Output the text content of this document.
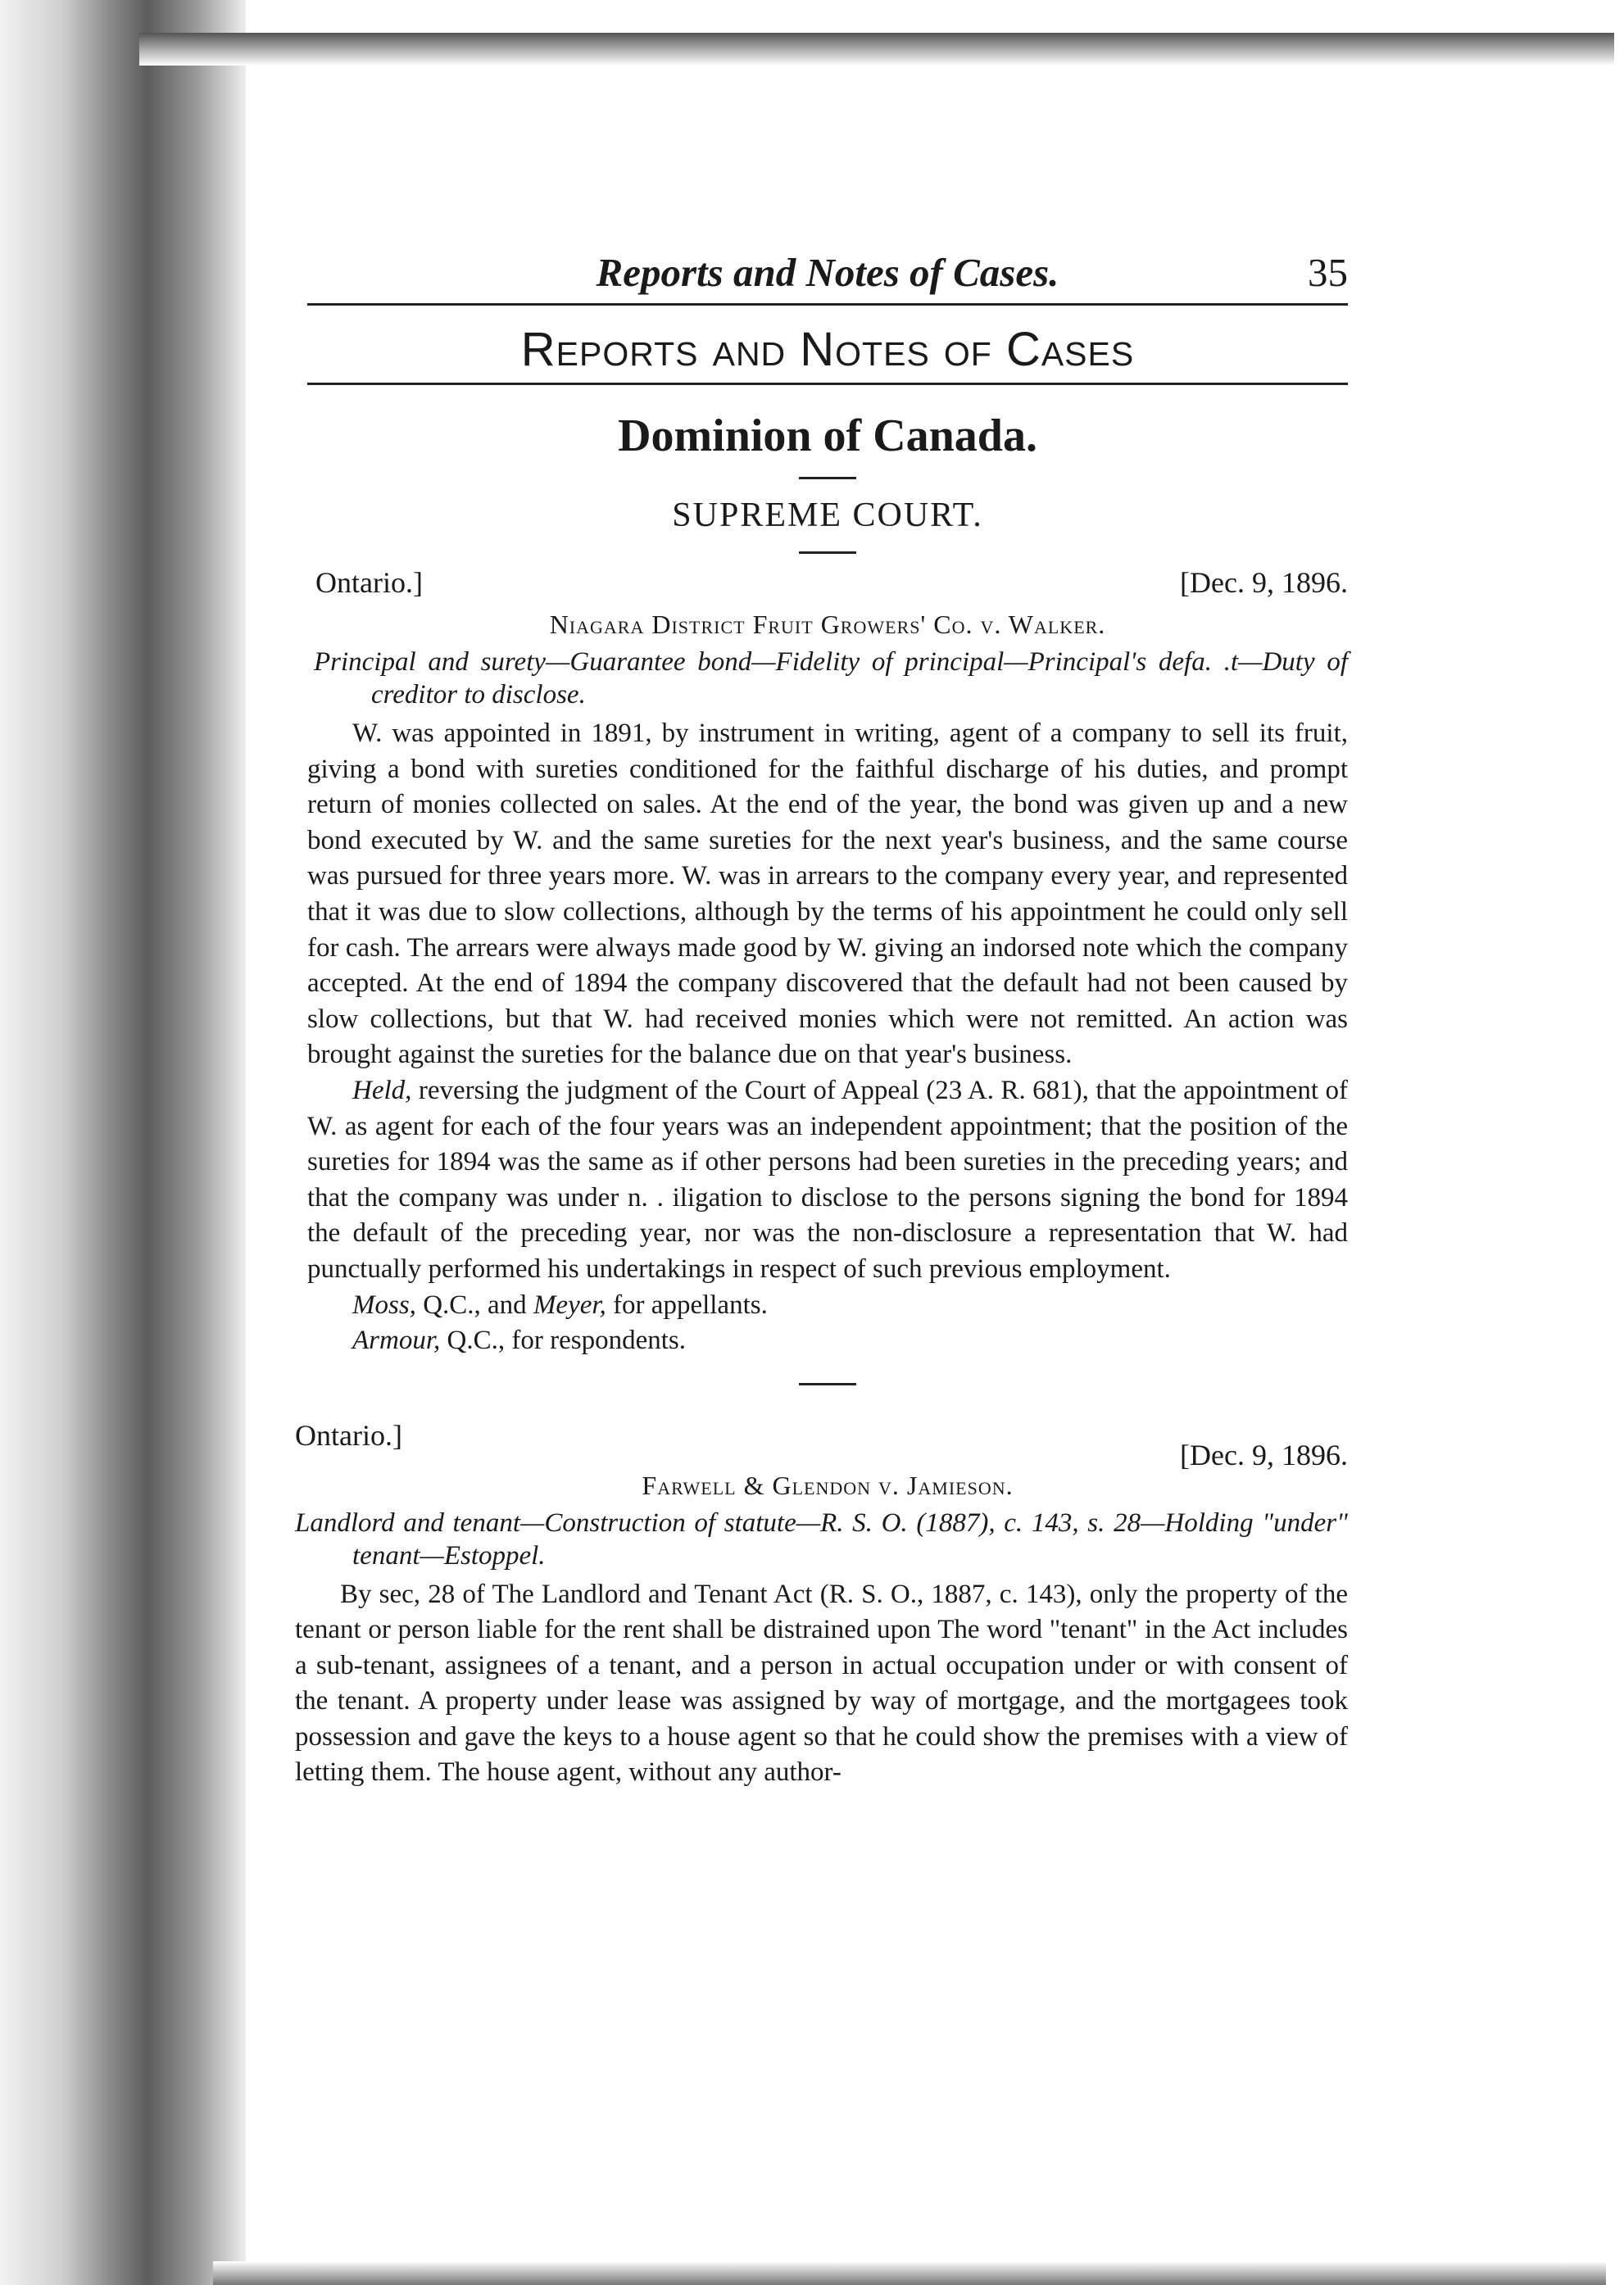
Reports and Notes of Cases.	35
Reports and Notes of Cases
Dominion of Canada.
SUPREME COURT.
Ontario.]	[Dec. 9, 1896.
Niagara District Fruit Growers' Co. v. Walker.
Principal and surety—Guarantee bond—Fidelity of principal—Principal's defa. .t—Duty of creditor to disclose.

W. was appointed in 1891, by instrument in writing, agent of a company to sell its fruit, giving a bond with sureties conditioned for the faithful discharge of his duties, and prompt return of monies collected on sales. At the end of the year, the bond was given up and a new bond executed by W. and the same sureties for the next year's business, and the same course was pursued for three years more. W. was in arrears to the company every year, and represented that it was due to slow collections, although by the terms of his appointment he could only sell for cash. The arrears were always made good by W. giving an indorsed note which the company accepted. At the end of 1894 the company discovered that the default had not been caused by slow collections, but that W. had received monies which were not remitted. An action was brought against the sureties for the balance due on that year's business.

Held, reversing the judgment of the Court of Appeal (23 A. R. 681), that the appointment of W. as agent for each of the four years was an independent appointment; that the position of the sureties for 1894 was the same as if other persons had been sureties in the preceding years; and that the company was under n. . iligation to disclose to the persons signing the bond for 1894 the default of the preceding year, nor was the non-disclosure a representation that W. had punctually performed his undertakings in respect of such previous employment.

Moss, Q.C., and Meyer, for appellants.

Armour, Q.C., for respondents.

Ontario.]
[Dec. 9, 1896.
Farwell & Glendon v. Jamieson.
Landlord and tenant—Construction of statute—R. S. O. (1887), c. 143, s. 28—Holding "under" tenant—Estoppel.

By sec, 28 of The Landlord and Tenant Act (R. S. O., 1887, c. 143), only the property of the tenant or person liable for the rent shall be distrained upon The word "tenant" in the Act includes a sub-tenant, assignees of a tenant, and a person in actual occupation under or with consent of the tenant. A property under lease was assigned by way of mortgage, and the mortgagees took possession and gave the keys to a house agent so that he could show the premises with a view of letting them. The house agent, without any author-
